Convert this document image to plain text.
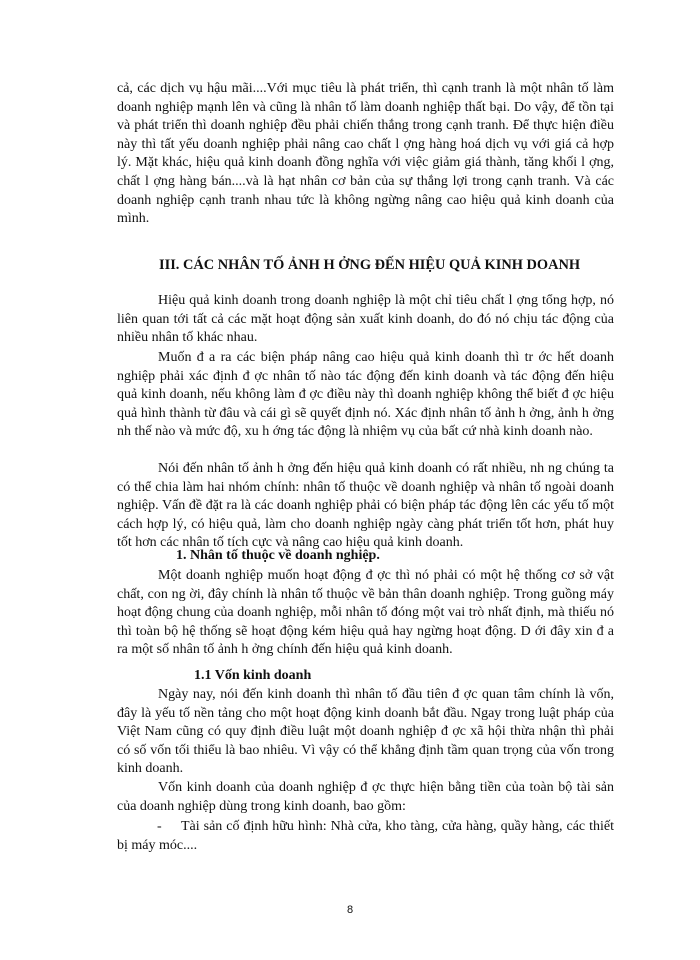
cả, các dịch vụ hậu mãi....Với mục tiêu là phát triển, thì cạnh tranh là một nhân tố làm doanh nghiệp mạnh lên và cũng là nhân tố làm doanh nghiệp thất bại. Do vậy, để tồn tại và phát triển thì doanh nghiệp đều phải chiến thắng trong cạnh tranh. Để thực hiện điều này thì tất yếu doanh nghiệp phải nâng cao chất l ợng hàng hoá dịch vụ với giá cả hợp lý. Mặt khác, hiệu quả kinh doanh đồng nghĩa với việc giảm giá thành, tăng khối l ợng, chất l ợng hàng bán....và là hạt nhân cơ bản của sự thắng lợi trong cạnh tranh. Và các doanh nghiệp cạnh tranh nhau tức là không ngừng nâng cao hiệu quả kinh doanh của mình.

III. CÁC NHÂN TỐ ẢNH H ỞNG ĐẾN HIỆU QUẢ KINH DOANH

Hiệu quả kinh doanh trong doanh nghiệp là một chỉ tiêu chất l ợng tổng hợp, nó liên quan tới tất cả các mặt hoạt động sản xuất kinh doanh, do đó nó chịu tác động của nhiều nhân tố khác nhau.

Muốn đ a ra các biện pháp nâng cao hiệu quả kinh doanh thì tr ớc hết doanh nghiệp phải xác định đ ợc nhân tố nào tác động đến kinh doanh và tác động đến hiệu quả kinh doanh, nếu không làm đ ợc điều này thì doanh nghiệp không thể biết đ ợc hiệu quả hình thành từ đâu và cái gì sẽ quyết định nó. Xác định nhân tố ảnh h ởng, ảnh h ởng nh thế nào và mức độ, xu h ớng tác động là nhiệm vụ của bất cứ nhà kinh doanh nào.

Nói đến nhân tố ảnh h ởng đến hiệu quả kinh doanh có rất nhiều, nh ng chúng ta có thể chia làm hai nhóm chính: nhân tố thuộc về doanh nghiệp và nhân tố ngoài doanh nghiệp. Vấn đề đặt ra là các doanh nghiệp phải có biện pháp tác động lên các yếu tố một cách hợp lý, có hiệu quả, làm cho doanh nghiệp ngày càng phát triển tốt hơn, phát huy tốt hơn các nhân tố tích cực và nâng cao hiệu quả kinh doanh.

1. Nhân tố thuộc về doanh nghiệp.

Một doanh nghiệp muốn hoạt động đ ợc thì nó phải có một hệ thống cơ sở vật chất, con ng ời, đây chính là nhân tố thuộc về bản thân doanh nghiệp. Trong guồng máy hoạt động chung của doanh nghiệp, mỗi nhân tố đóng một vai trò nhất định, mà thiếu nó thì toàn bộ hệ thống sẽ hoạt động kém hiệu quả hay ngừng hoạt động. D ới đây xin đ a ra một số nhân tố ảnh h ởng chính đến hiệu quả kinh doanh.

1.1 Vốn kinh doanh

Ngày nay, nói đến kinh doanh thì nhân tố đầu tiên đ ợc quan tâm chính là vốn, đây là yếu tố nền tảng cho một hoạt động kinh doanh bắt đầu. Ngay trong luật pháp của Việt Nam cũng có quy định điều luật một doanh nghiệp đ ợc xã hội thừa nhận thì phải có số vốn tối thiểu là bao nhiêu. Vì vậy có thể khẳng định tầm quan trọng của vốn trong kinh doanh.

Vốn kinh doanh của doanh nghiệp đ ợc thực hiện bằng tiền của toàn bộ tài sản của doanh nghiệp dùng trong kinh doanh, bao gồm:

-	Tài sản cố định hữu hình: Nhà cửa, kho tàng, cửa hàng, quầy hàng, các thiết bị máy móc....
8
